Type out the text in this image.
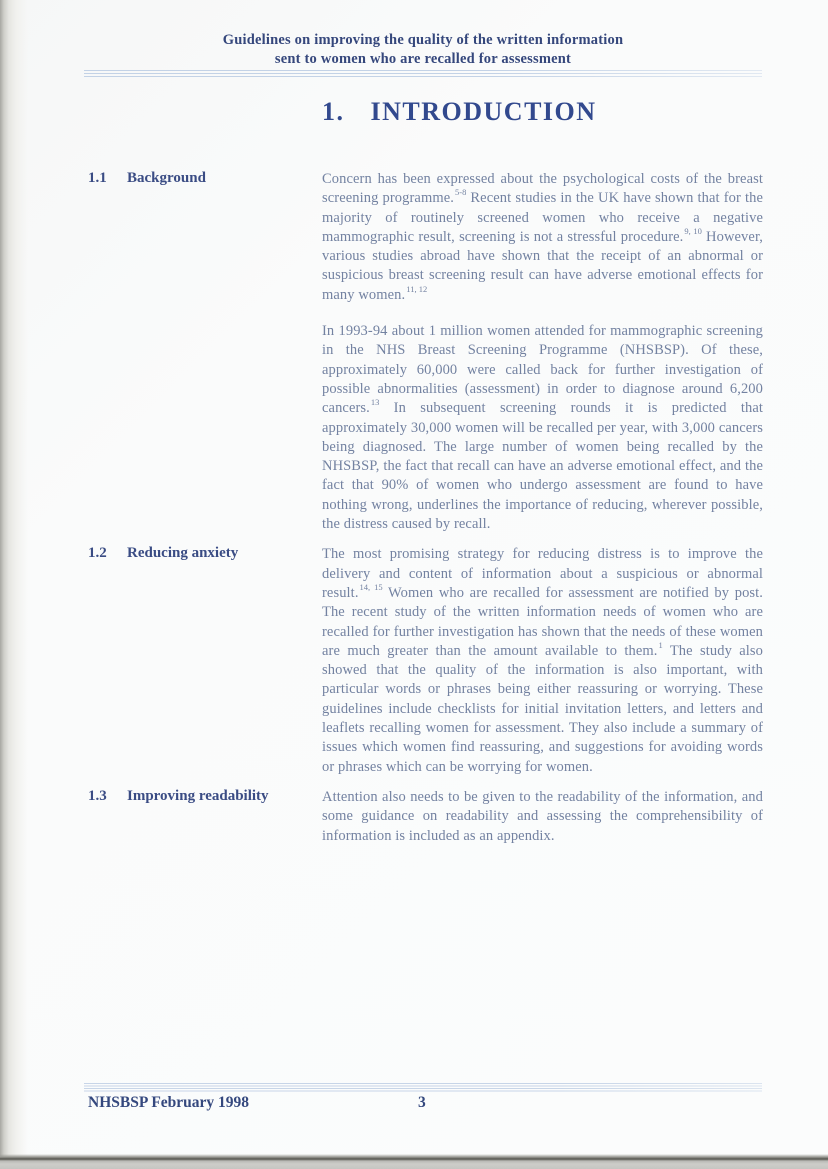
Guidelines on improving the quality of the written information
sent to women who are recalled for assessment
1. INTRODUCTION
1.1 Background	Concern has been expressed about the psychological costs of the breast screening programme.$^{5-8}$ Recent studies in the UK have shown that for the majority of routinely screened women who receive a negative mammographic result, screening is not a stressful procedure.$^{9, 10}$ However, various studies abroad have shown that the receipt of an abnormal or suspicious breast screening result can have adverse emotional effects for many women.$^{11, 12}$

In 1993-94 about 1 million women attended for mammographic screening in the NHS Breast Screening Programme (NHSBSP). Of these, approximately 60,000 were called back for further investigation of possible abnormalities (assessment) in order to diagnose around 6,200 cancers.$^{13}$ In subsequent screening rounds it is predicted that approximately 30,000 women will be recalled per year, with 3,000 cancers being diagnosed. The large number of women being recalled by the NHSBSP, the fact that recall can have an adverse emotional effect, and the fact that 90% of women who undergo assessment are found to have nothing wrong, underlines the importance of reducing, wherever possible, the distress caused by recall.

1.2 Reducing anxiety	The most promising strategy for reducing distress is to improve the delivery and content of information about a suspicious or abnormal result.$^{14, 15}$ Women who are recalled for assessment are notified by post. The recent study of the written information needs of women who are recalled for further investigation has shown that the needs of these women are much greater than the amount available to them.$^1$ The study also showed that the quality of the information is also important, with particular words or phrases being either reassuring or worrying. These guidelines include checklists for initial invitation letters, and letters and leaflets recalling women for assessment. They also include a summary of issues which women find reassuring, and suggestions for avoiding words or phrases which can be worrying for women.

1.3 Improving readability	Attention also needs to be given to the readability of the information, and some guidance on readability and assessing the comprehensibility of information is included as an appendix.

NHSBSP February 1998	3
